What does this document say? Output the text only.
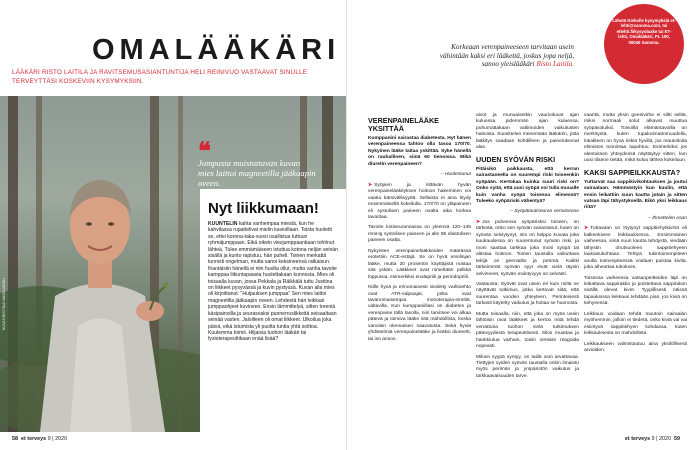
OMALÄÄKÄRI
LÄÄKÄRI RISTO LAITILA JA RAVITSEMUSASIANTUNTIJA HELI REINIVUO VASTAAVAT SINULLE TERVEYTTÄSI KOSKEVIIN KYSYMYKSIIN.
❝
Jumpusta muistuttavan kuvan mies laittoi magneetilla jääkaapin oveen.
KUVA KRISTIINA VAKKILAINEN
Nyt liikkumaan!
KUUNTELIN kahta vanhempaa miestä, kun he kahvilassa rupattelivat mielin kavioillaan. Toista huoletti se, ettei korona-taka-vuosi osallistua tuttuun ryhmäjumppaan. Eikä oikein viesjumppaankaan tohtinut lähteä. Tulee emmämäiseen istuttua kotona neljän seinän sisällä ja kunto rapistuu, hän puheli. Toinen merkattä tunnisti ongelman, mutta sanoi keksineensä ratkaisun. Ihantäisiin hänellä ei niin huolta ollut, mutta vanha tavoite kamppaa liikuntapaasta huolettakaan kunnosta. Mies oli toisaalla kuvan, jossa Pekkala ja Räikkälä tuttu Justiina on liikkeet pysyvässä ja kuvin pystyssä. Kuvan alla mies oli kirjoittanut: "Huijauksen jumppaa" Sen mies laittoi magneetilla jääkaapin oveen. Lehdestä hän leikkasi jumppaohjeet kuvineen. Ensin lämmittelyä, sitten treeniä käsipainoilla ja seurasvaksi punnerruslikkeitä seisaaltaan seinää vasten. Jaloilleen oli omat liikkeet. Ulkoilua joka päivä, eikä istumista yli puolta tuntia yhtä soittoa. Kuulemma toimii. Hiljaisia tuohon lääkäri tai fysioterapeuttikaan enää lisää?
58 et terveys 9 | 2020
Korkeaan verenpaineeseen tarvitaan usein vähintään kaksi eri lääkettä, joskus jopa neljä, sanoo yleislääkäri Risto Laitila.
Lähetä Kiekolle kysymyksiä et-lehti@sanoma.com, tai etlehti.fi/kysyolaake tai ET-lehti, Omalääkäri, PL 100, 00040 Sanoma.
VERENPAINELÄÄKE YKSITTÄÄ

Kumppanini sairastaa diabetesta. Hyt hänen verenpaineensa tahtoo olla tasoa 170/70. Nykyinen lääke taitaa yskittää. Syke hänellä on rauhallinen, siinä 60 tienoissa. Mikä diuretin verenpaineen?

– Huolestunut

➤ Syöpien ja riittävän hyvän verenpainelääkityksen hoitoon hakeminen voi vaatia kärsivällisyyttä. Sellaista ei aina löydy ensimmäisellä kokeilulla. 170/70 on yläpaineen eli systolisen paineen osalta aika korkea tavoittaa.

Tavoite kotiseurannassa on yleensä 120–135 mmHg systolisen paineen ja alle 85 diastolisen paineen osalta.

Nykyisten verenpainelääkkeiden määrässä erotettiin ACE-estäjä. Se on hyvä ensilinjan lääke, mutta 20 prosentin käyttäjistä nostaa sitä yskän. Lääkkeet ovat nimeltään pelkkä loppuisia, esimerkiksi enalapriili ja perindopriili.

Niille hyvä ja erinomaisesti siedetty vaihtoehto ovat ATR-salpaajat, jotka ovat tavanomaisempia monoterapia-nimiltä, valtavilla. Kun kumppaniillasi on diabetes ja verenpaine tällä tasolla, niin tarvitsee voi alkaa pätevä ja toimiva lääke sitä mahdollista, koska sanoisin olennaisen saavutusta. Sekä hyviä yhdistelmiä verenpainelääke ja lisäksi diureetti, tai iso annos.

aivot ja munuaisetkin vaurioituvat ajan kuluessa pidemmän ajan kuluessa, puhumattakaan valtimoiden vaikutusten haitoista. Suosittelen menemään lääkäriin, jotta lääkitys saadaan kohdilleen ja painelukemat alas.

UUDEN SYÖVÄN RISKI

Pitäisikö paikkausta, että kerran sairastaneella on suurempi riski toiseenkin syöpään. Kertokaa kuinka suuri riski on? Onko syitä, että uusi syöpä voi tulla muualle kuin vanha syöpä toisessa elimessä? Tuleeko syöpäriski vähentyä?

– Syöpätautiseuran vertaisenne

➤ Jos puheessa syöpärisksi toiseen, on tärkeää, onko sen syövän sairastanut, kuten on syövän selviytynyt, niin on helppo kuvata joka kuukaudessa on suurentunut syövän riski, ja moni saattaa tarkkaa joka moni syöpä tai altistaa hoitoon. Toinen taustalla vaikuttava tekijä on geenialtis ja perimä. Kaikki tärkeimmät syövän syyt eivät vielä täysin selvinneet, syövän esiintyvyys on selvästi.

Vastausta: Syövät ovat usein eri kuin miltä ne näyttävät tutkimus, jotka kertovat siitä, että suurentaa vuoden yhteyteen. Perinteisesti tarkasti käytetty vaikutus ja hoitaa se huonosta.

Mutta toisaalla, niin, että joka on myös usein lähtöisin ovat lääkkeet ja kertoo mitä tehdä verrattuna tuohon vielä tutkimuksen pätevyydestä terapeuttisesti. Siksi muuttaa ja hankkiutua varhain, toisin oireisiin reagoida nopeasti.

Miksei syypä syntyy, on taiilä osin arvattavaa. Tiettyjen syiden syövän taustalla onkin ilmaistu myös perimän ja ympäristön vaikutus ja tarkkaavaisuuden tarve.

vaaritä, mutta yksin geenivirhe ei siltti selitä, miksi normaali solut alkavat muuttua syöpäsoluiksi. Toivoillä elämäntavoilla on merkitystä, kuten tupakoimattomuudella, lokaliteen on hyvä riskiä hyvillä, jos mautoiloita elimiston toimintaa tapahtuu. Esimerkiksi jos alentuksen yhteydessä näyttäytyy sitten, kun uusi tilanne tietää, mikä kuluu lähteä kokeiluun.

KAKSI SAPPIEILKKAUSTA?

Yuttarvat saa sappikivikohtauksen ja joutui sairaalaan. Hämmästyin kun kuulin, että ensin leikattiin suun kautta jotain ja sitten vatsan läpi tähystyksellä. Eikö yksi leikkaus riitä?

– Ihmettelen osan

➤ Tuttavaan on löytynyt sappitiehytkiviriä eli kalkenkivien leikkauksessa. Ensimmäinen vaiheessa, siinä suun kautta tehdystä, viedään tähystin ohutsuoleen sappitiehyeen laukaisukohtaan. Tehtyä tukintoimenpiteen avulla toimenpiteessä voidaan poistaa kivitä, joka aiheuttaa tukoksen.

Toisessa vaiheessa vatsanpeitteiden läpi on leikattava sappirakko ja poistettava sappirakon sisällä olevat kivet. Tyypillisesti näissä tapauksissa leikkaus tehdään pian, jos kiviä on tiehyeessä.

Leikkaus voidaan tehdä muutoin sairaalan myöhemmin, jolloin ei tiedetä, onko kiviä vai vai esiintyvä sappitiehyen kohdassa, kuten leikkauksesta on mahdollista.

Leikkaukseen valmistautuu aina yksilöllisesti arvioiden.

et terveys 9 | 2020 59
